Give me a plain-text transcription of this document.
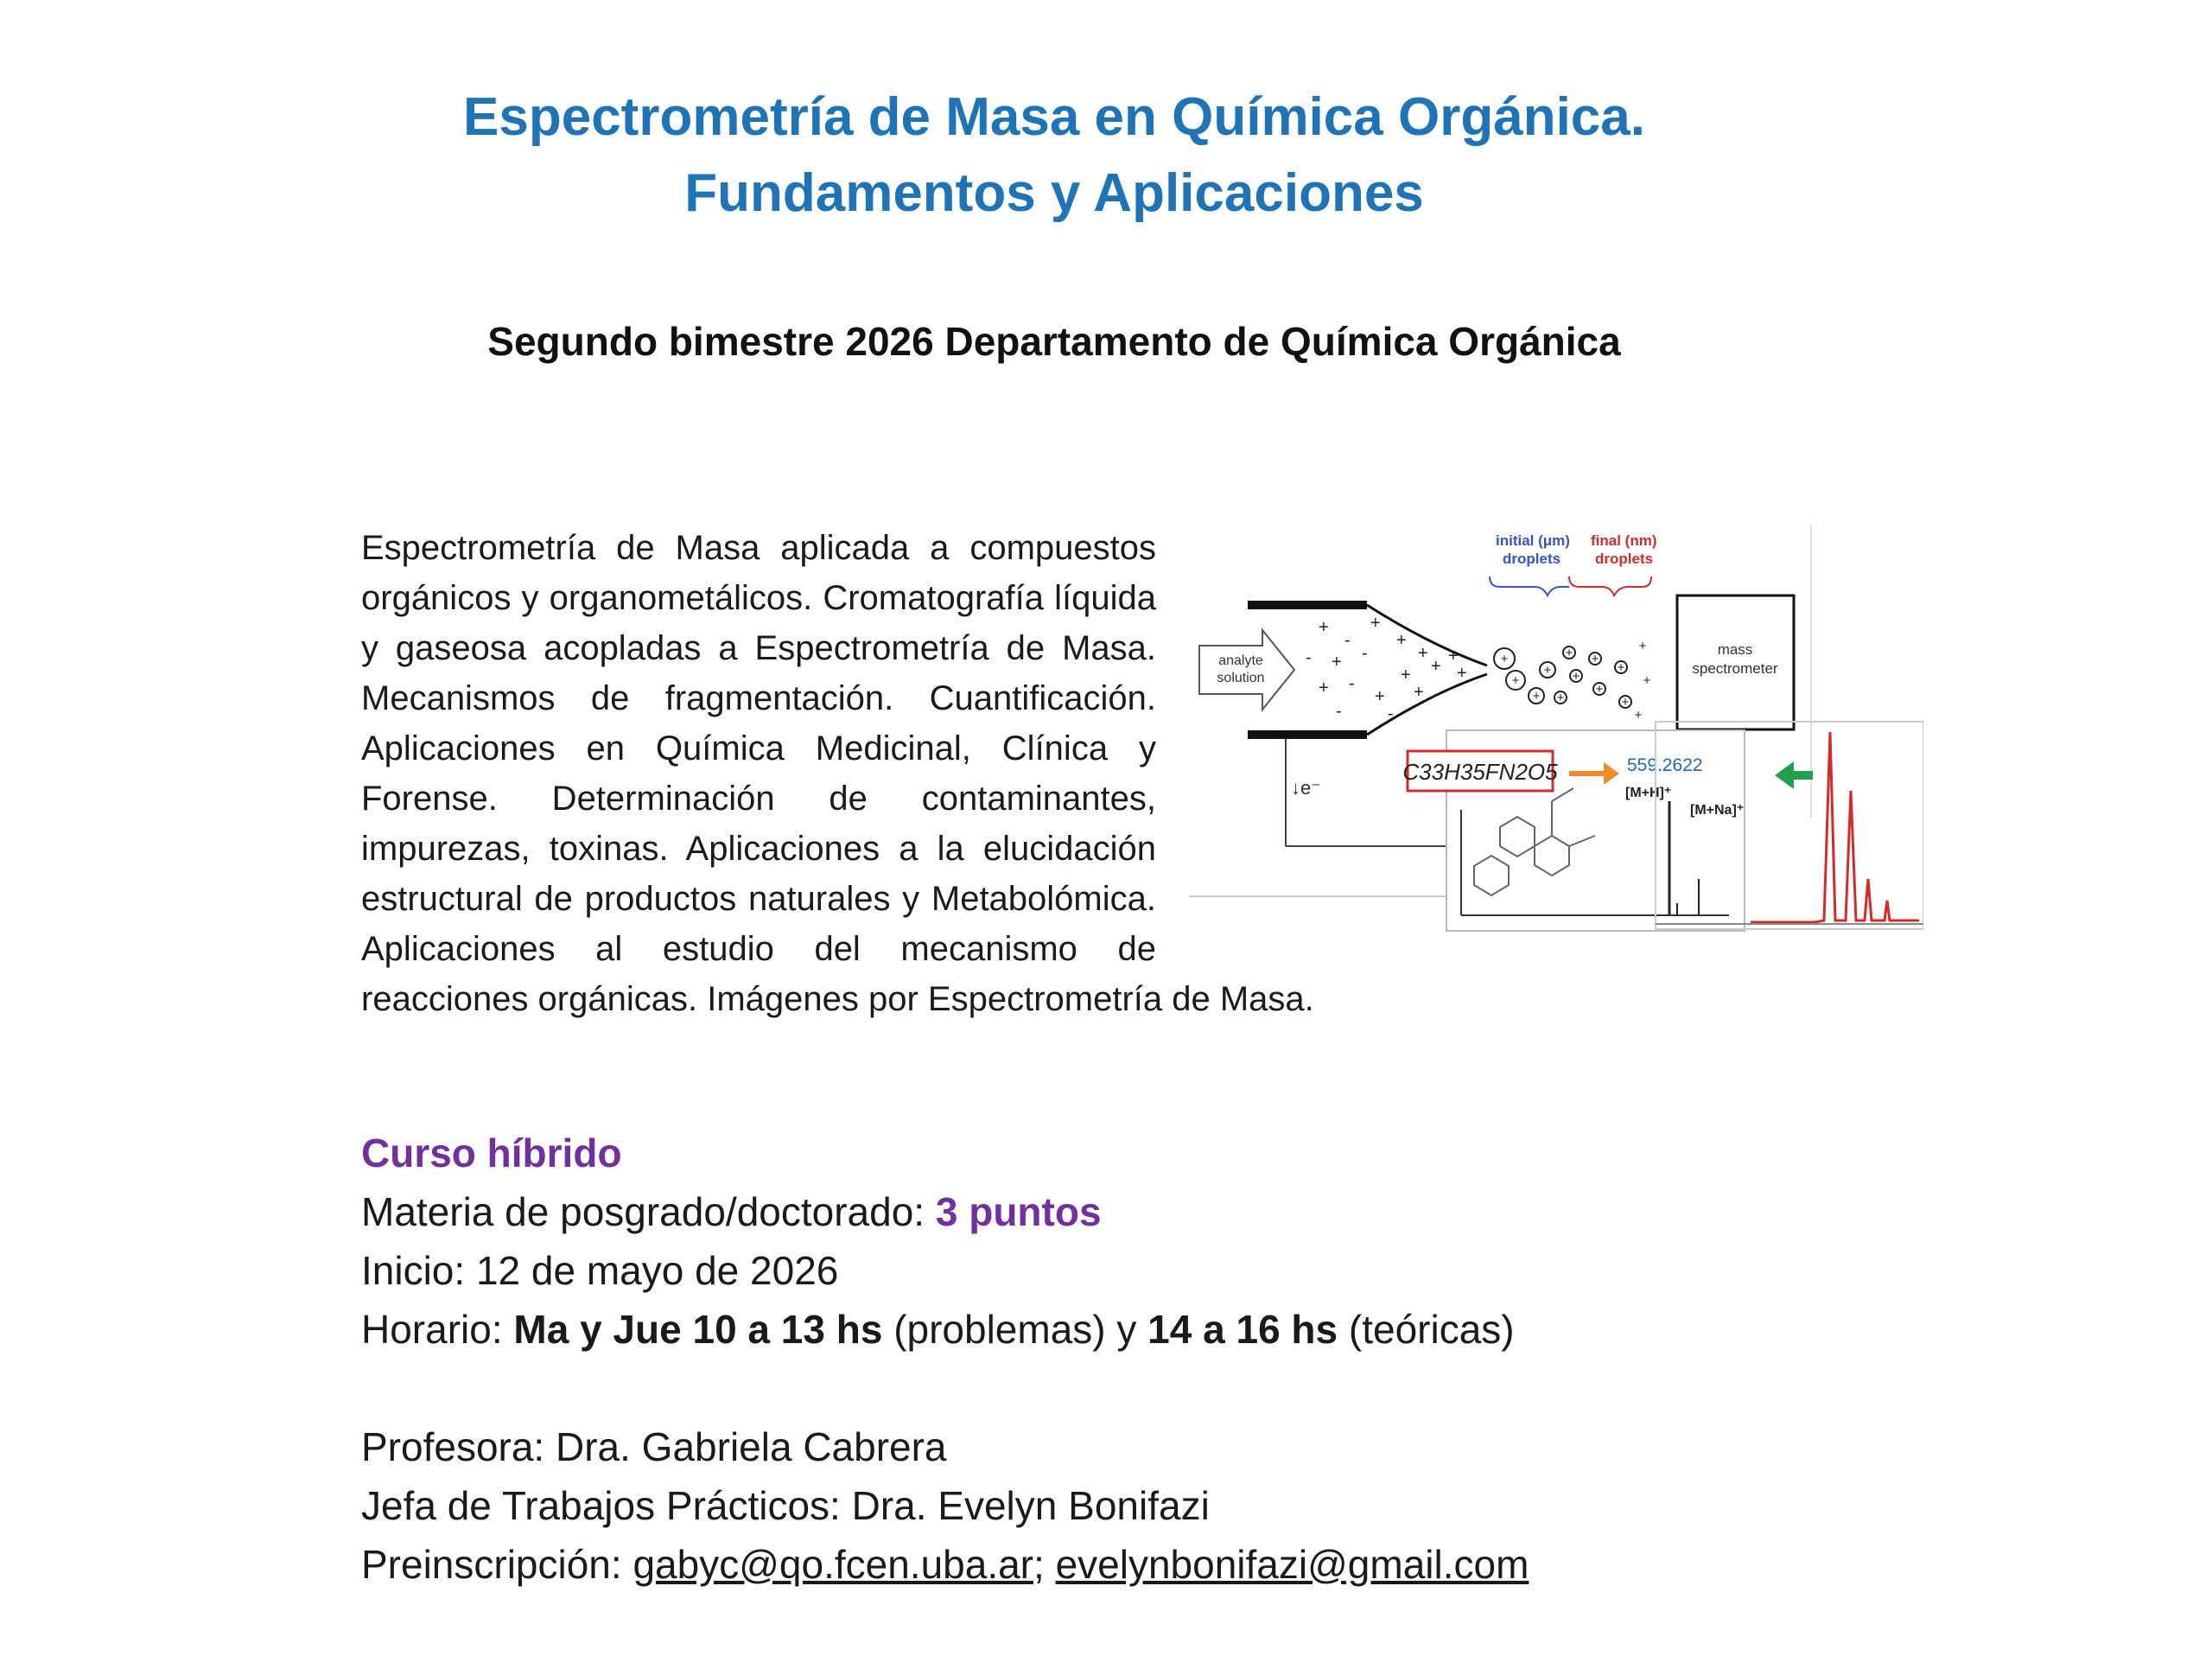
Espectrometría de Masa en Química Orgánica.
Fundamentos y Aplicaciones
Segundo bimestre 2026 Departamento de Química Orgánica
analyte
solution
+
-
+
- + -
+ -
+
-
+
+
+
+
+
+
+
-
+
+
+
+
+
+
+
+
+
+
+
+
+
+
initial (μm)
droplets
final (nm)
droplets
mass
spectrometer
↓e⁻
C33H35FN2O5	559.2622
[M+H]⁺
[M+Na]⁺
Espectrometría de Masa aplicada a compuestos orgánicos y organometálicos. Cromatografía líquida y gaseosa acopladas a Espectrometría de Masa. Mecanismos de fragmentación. Cuantificación. Aplicaciones en Química Medicinal, Clínica y Forense. Determinación de contaminantes, impurezas, toxinas. Aplicaciones a la elucidación estructural de productos naturales y Metabolómica. Aplicaciones al estudio del mecanismo de reacciones orgánicas. Imágenes por Espectrometría de Masa.
Curso híbrido
Materia de posgrado/doctorado: 3 puntos
Inicio: 12 de mayo de 2026
Horario: Ma y Jue 10 a 13 hs (problemas) y 14 a 16 hs (teóricas)
Profesora: Dra. Gabriela Cabrera
Jefa de Trabajos Prácticos: Dra. Evelyn Bonifazi
Preinscripción: gabyc@qo.fcen.uba.ar; evelynbonifazi@gmail.com
